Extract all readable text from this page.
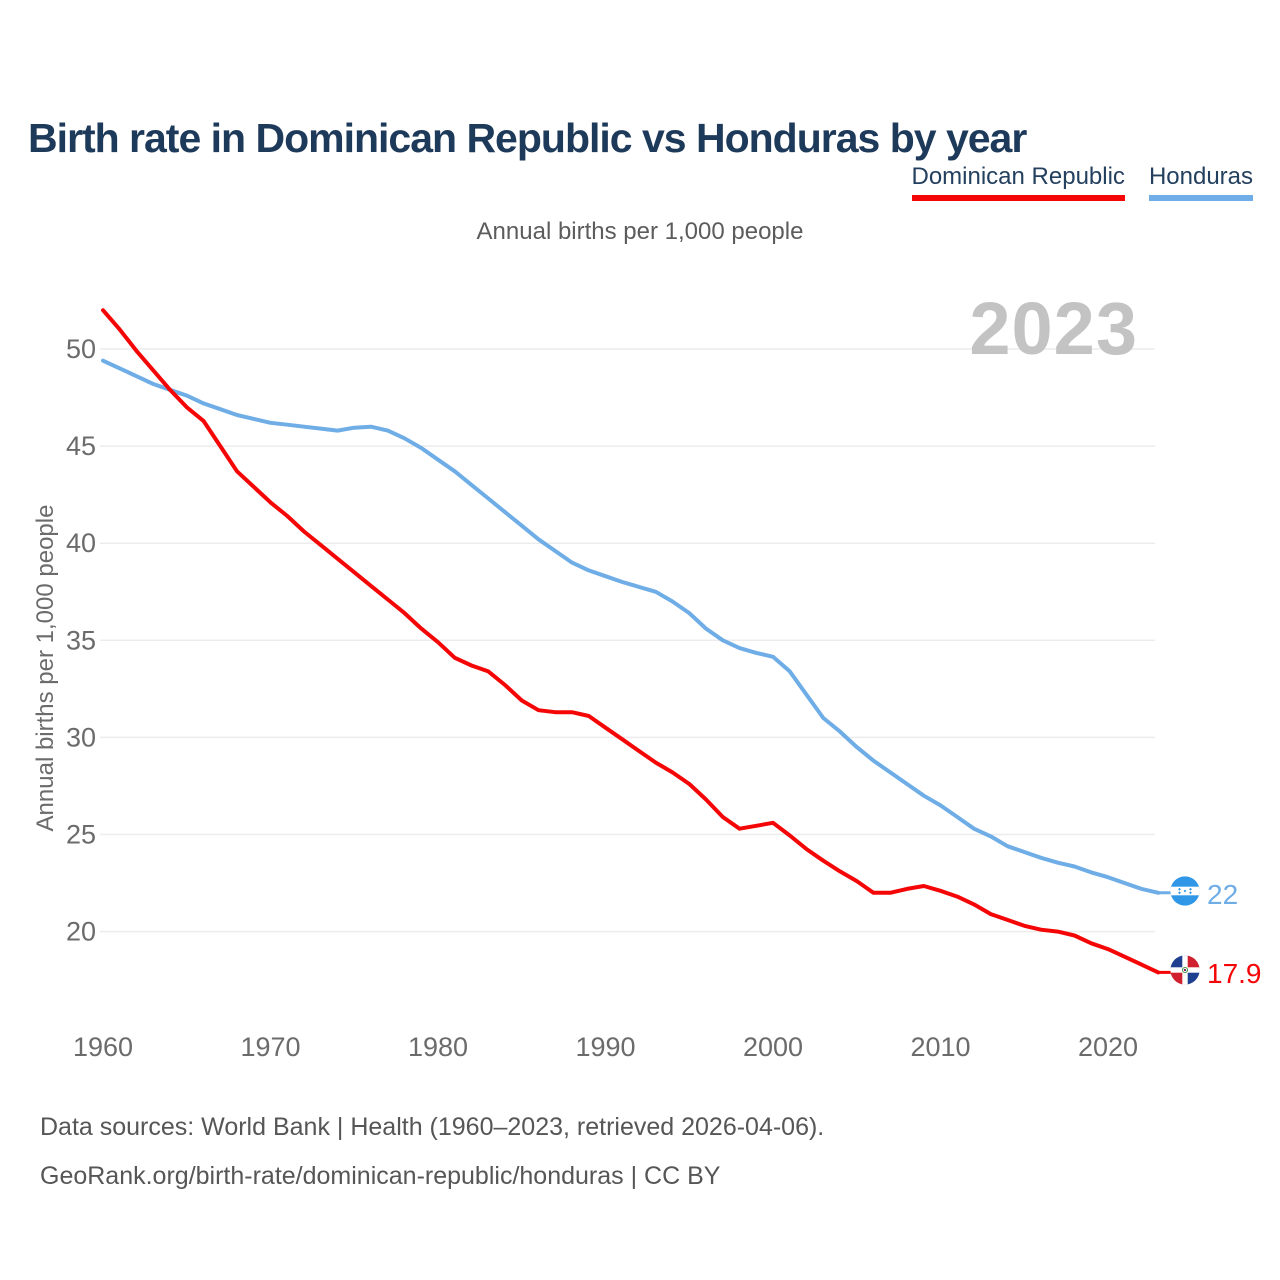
Birth rate in Dominican Republic vs Honduras by year
Dominican Republic Honduras
Annual births per 1,000 people
Annual births per 1,000 people
20
25
30
35
40
45
50
1960	1970	1980	1990	2000	2010	2020
2023
22
17.9
Data sources: World Bank | Health (1960–2023, retrieved 2026-04-06).
GeoRank.org/birth-rate/dominican-republic/honduras | CC BY
